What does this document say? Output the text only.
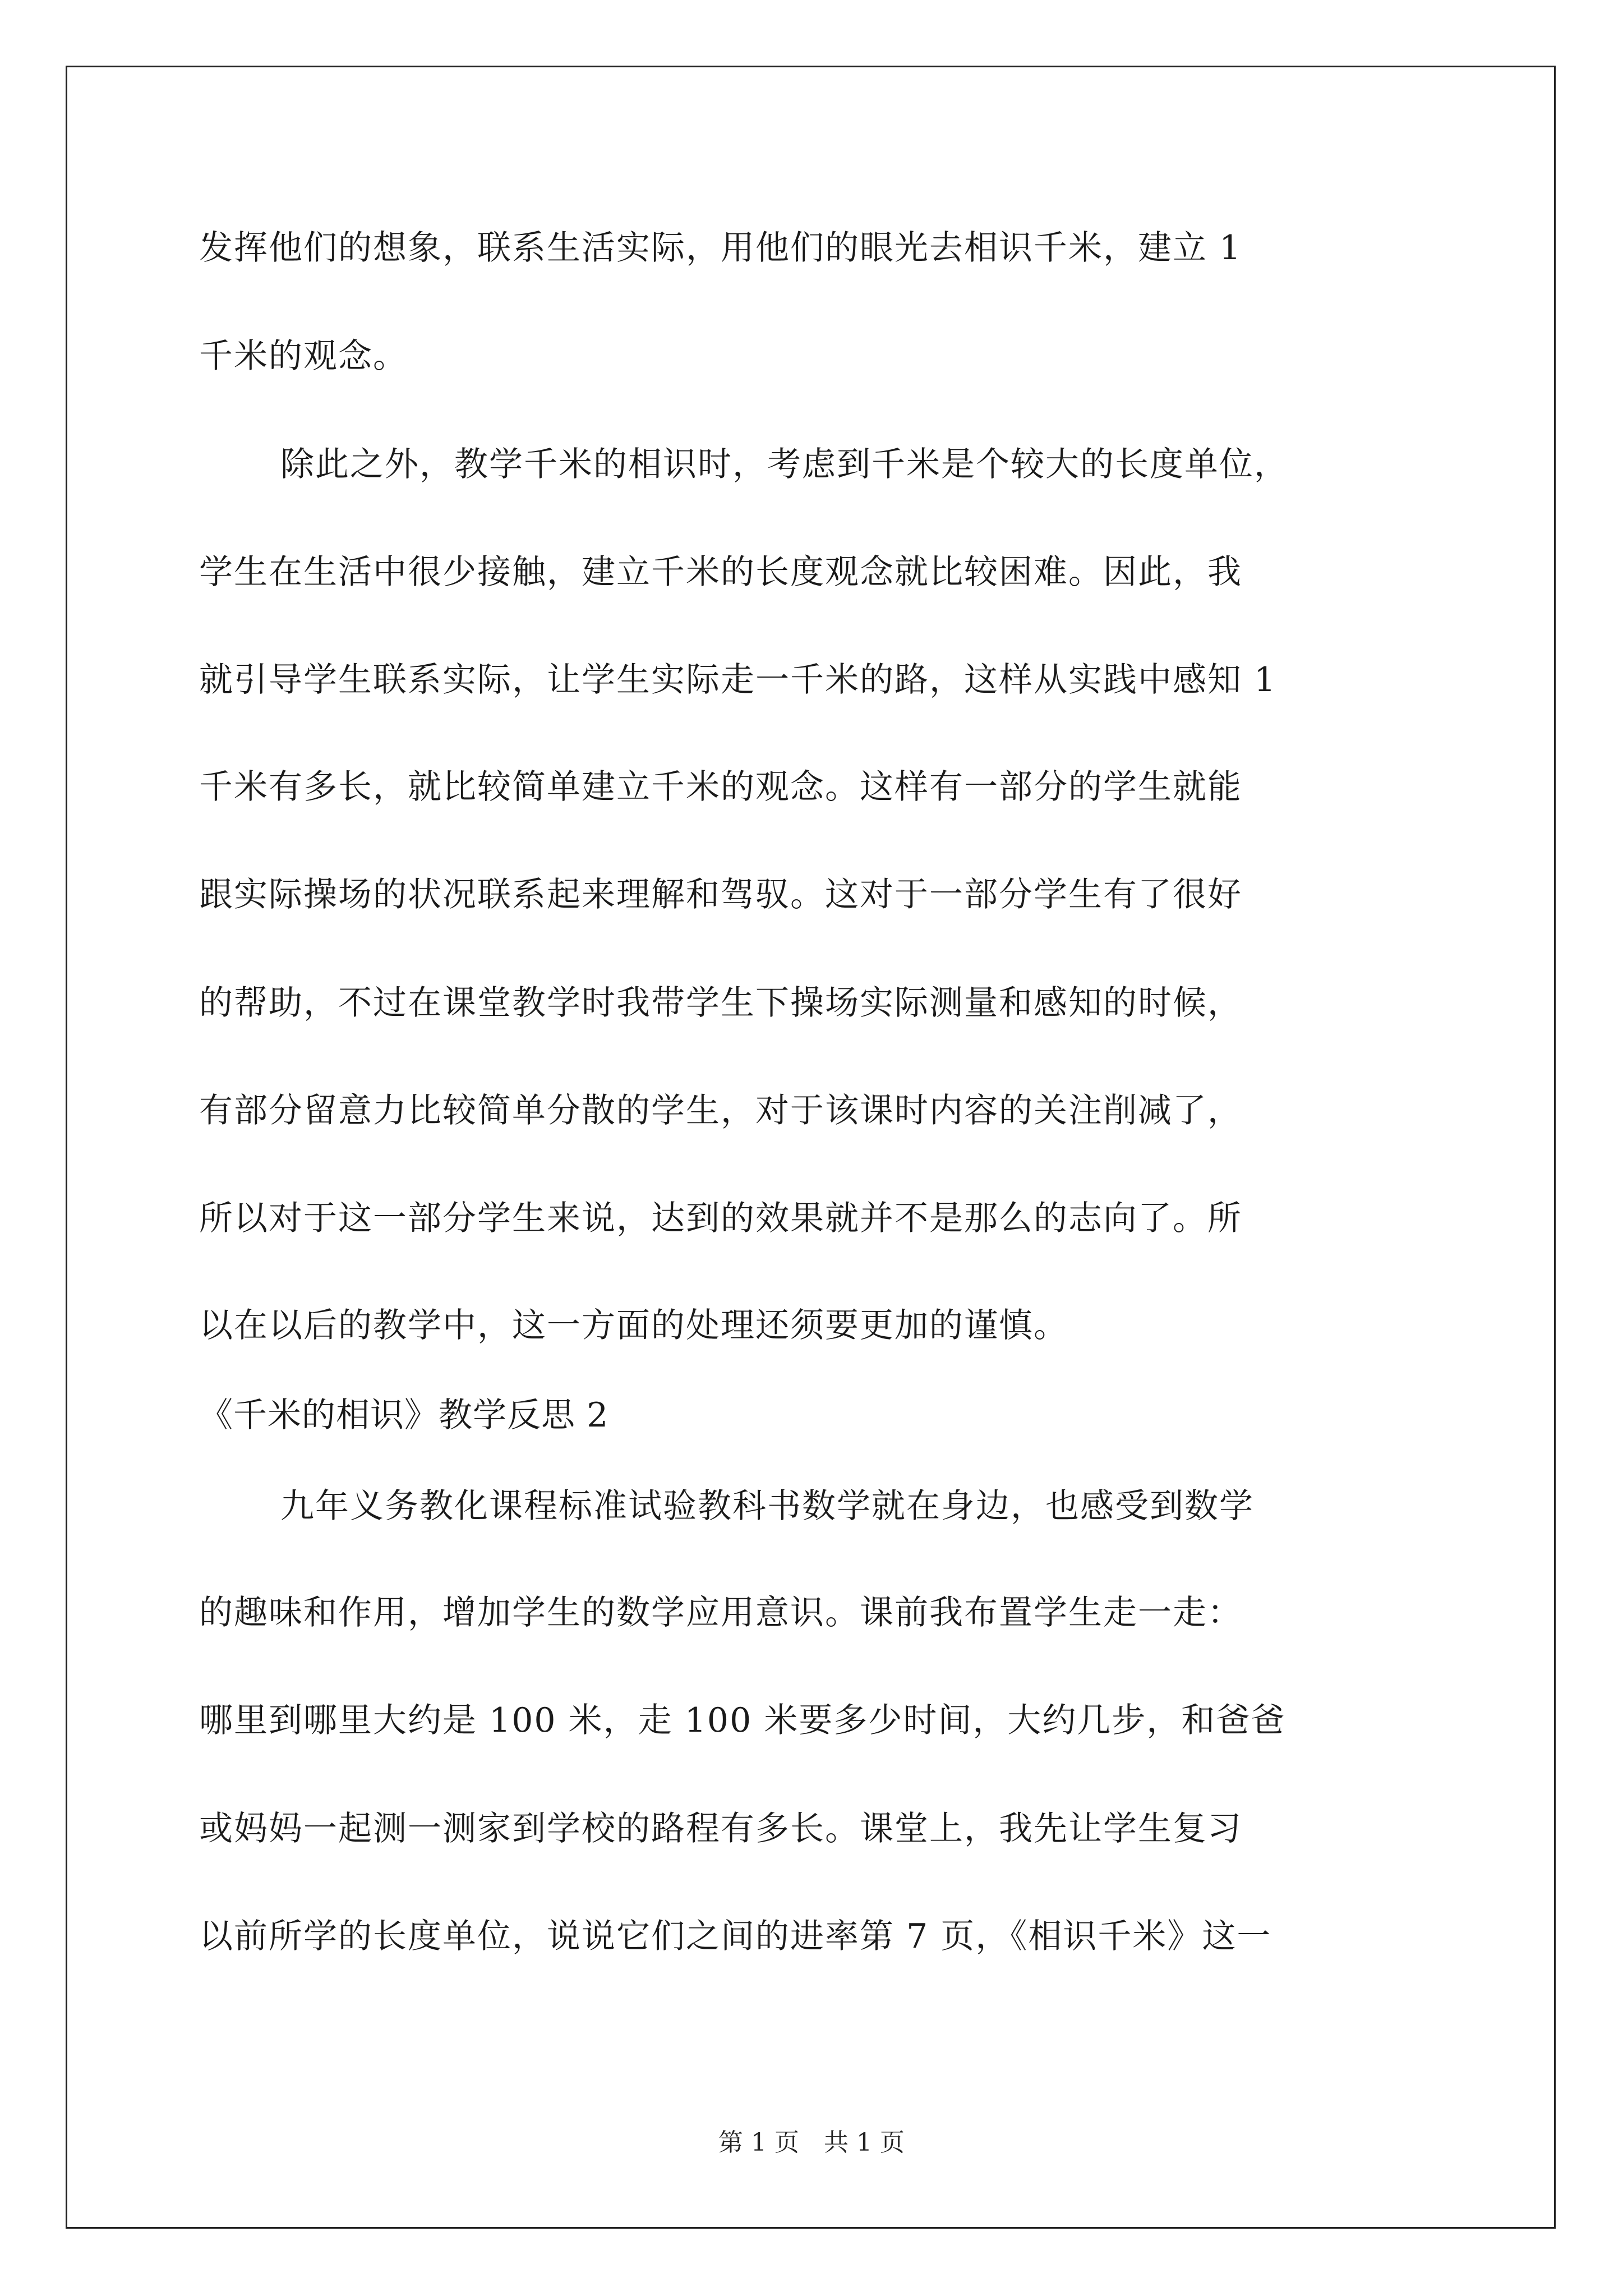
发挥他们的想象，联系生活实际，用他们的眼光去相识千米，建立 1
千米的观念。
除此之外，教学千米的相识时，考虑到千米是个较大的长度单位，
学生在生活中很少接触，建立千米的长度观念就比较困难。因此，我
就引导学生联系实际，让学生实际走一千米的路，这样从实践中感知 1
千米有多长，就比较简单建立千米的观念。这样有一部分的学生就能
跟实际操场的状况联系起来理解和驾驭。这对于一部分学生有了很好
的帮助，不过在课堂教学时我带学生下操场实际测量和感知的时候，
有部分留意力比较简单分散的学生，对于该课时内容的关注削减了，
所以对于这一部分学生来说，达到的效果就并不是那么的志向了。所
以在以后的教学中，这一方面的处理还须要更加的谨慎。
《千米的相识》教学反思 2
九年义务教化课程标准试验教科书数学就在身边，也感受到数学
的趣味和作用，增加学生的数学应用意识。课前我布置学生走一走：
哪里到哪里大约是 100 米，走 100 米要多少时间，大约几步，和爸爸
或妈妈一起测一测家到学校的路程有多长。课堂上，我先让学生复习
以前所学的长度单位，说说它们之间的进率第 7 页，《相识千米》这一
第 1 页　共 1 页
